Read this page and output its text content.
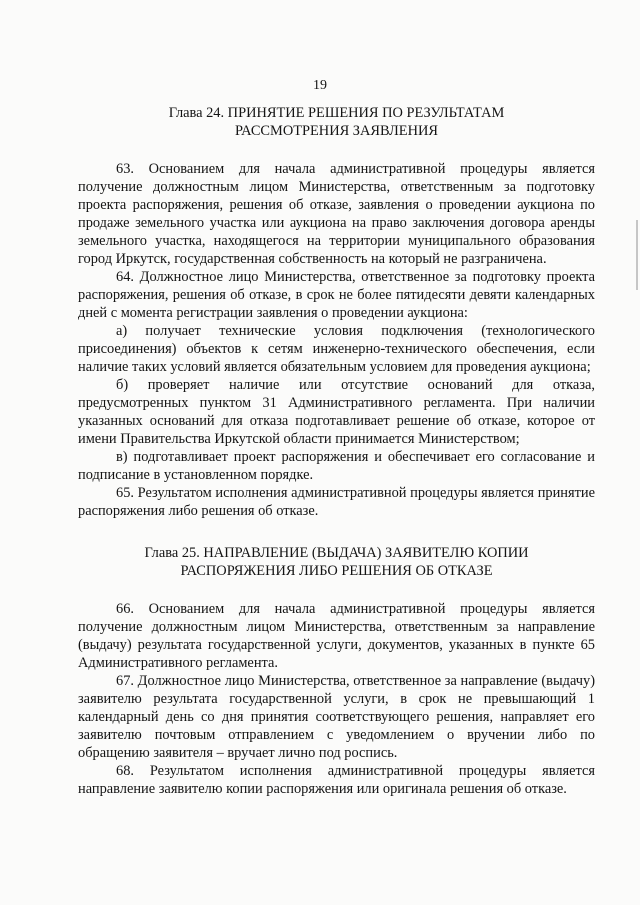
19
Глава 24. ПРИНЯТИЕ РЕШЕНИЯ ПО РЕЗУЛЬТАТАМ
РАССМОТРЕНИЯ ЗАЯВЛЕНИЯ

63. Основанием для начала административной процедуры является получение должностным лицом Министерства, ответственным за подготовку проекта распоряжения, решения об отказе, заявления о проведении аукциона по продаже земельного участка или аукциона на право заключения договора аренды земельного участка, находящегося на территории муниципального образования город Иркутск, государственная собственность на который не разграничена.

64. Должностное лицо Министерства, ответственное за подготовку проекта распоряжения, решения об отказе, в срок не более пятидесяти девяти календарных дней с момента регистрации заявления о проведении аукциона:

а) получает технические условия подключения (технологического присоединения) объектов к сетям инженерно-технического обеспечения, если наличие таких условий является обязательным условием для проведения аукциона;

б) проверяет наличие или отсутствие оснований для отказа, предусмотренных пунктом 31 Административного регламента. При наличии указанных оснований для отказа подготавливает решение об отказе, которое от имени Правительства Иркутской области принимается Министерством;

в) подготавливает проект распоряжения и обеспечивает его согласование и подписание в установленном порядке.

65. Результатом исполнения административной процедуры является принятие распоряжения либо решения об отказе.

Глава 25. НАПРАВЛЕНИЕ (ВЫДАЧА) ЗАЯВИТЕЛЮ КОПИИ
РАСПОРЯЖЕНИЯ ЛИБО РЕШЕНИЯ ОБ ОТКАЗЕ

66. Основанием для начала административной процедуры является получение должностным лицом Министерства, ответственным за направление (выдачу) результата государственной услуги, документов, указанных в пункте 65 Административного регламента.

67. Должностное лицо Министерства, ответственное за направление (выдачу) заявителю результата государственной услуги, в срок не превышающий 1 календарный день со дня принятия соответствующего решения, направляет его заявителю почтовым отправлением с уведомлением о вручении либо по обращению заявителя – вручает лично под роспись.

68. Результатом исполнения административной процедуры является направление заявителю копии распоряжения или оригинала решения об отказе.
